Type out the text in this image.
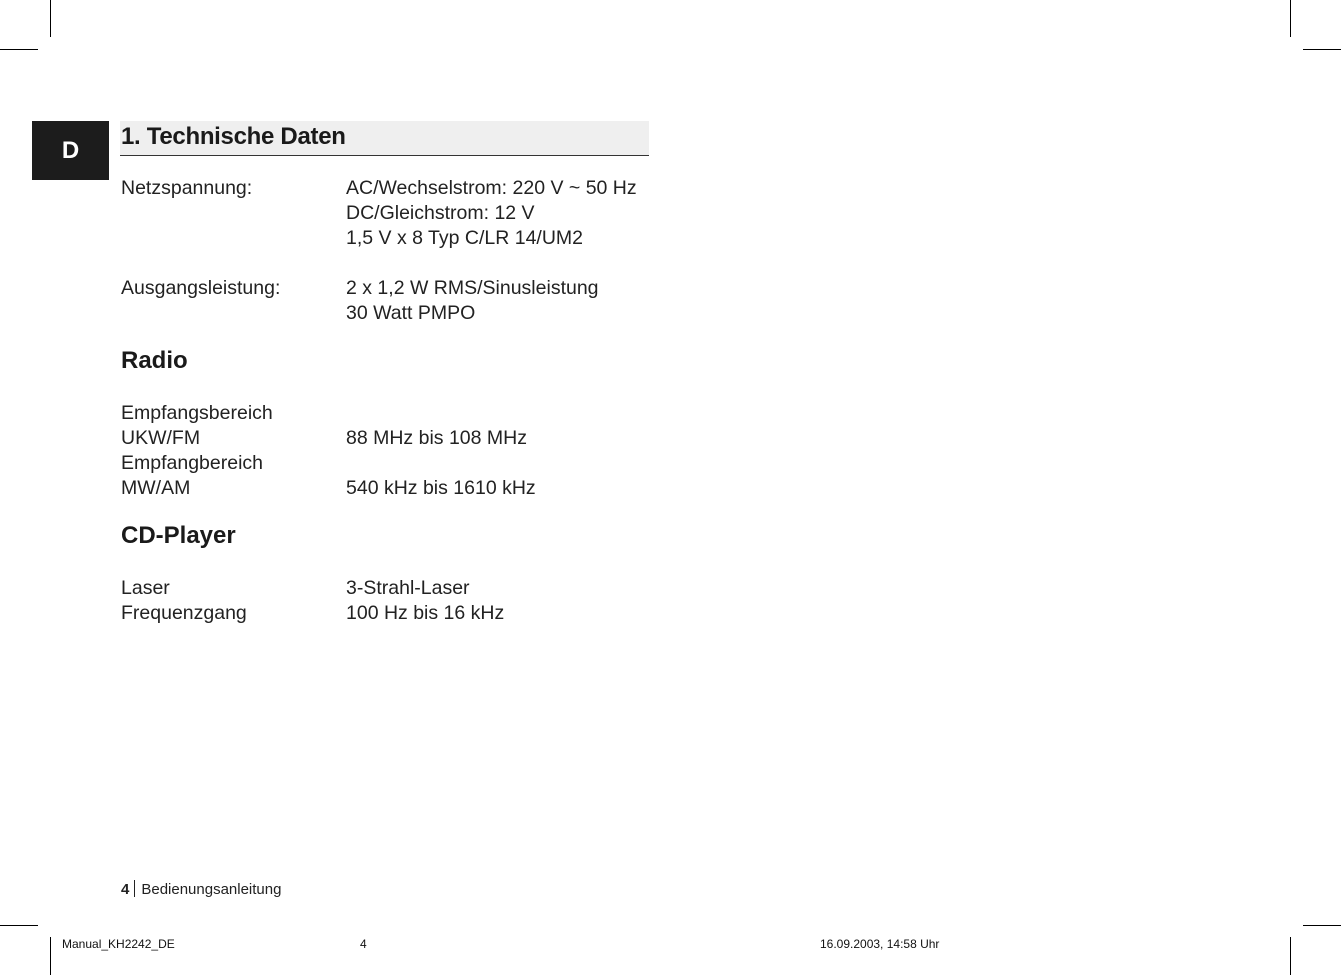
D	1. Technische Daten
Netzspannung:	AC/Wechselstrom: 220 V ~ 50 Hz
DC/Gleichstrom: 12 V
1,5 V x 8 Typ C/LR 14/UM2
Ausgangsleistung:	2 x 1,2 W RMS/Sinusleistung
30 Watt PMPO
Radio
Empfangsbereich
UKW/FM	88 MHz bis 108 MHz
Empfangbereich
MW/AM	540 kHz bis 1610 kHz
CD-Player
Laser	3-Strahl-Laser
Frequenzgang	100 Hz bis 16 kHz
4 Bedienungsanleitung
Manual_KH2242_DE	4	16.09.2003, 14:58 Uhr
